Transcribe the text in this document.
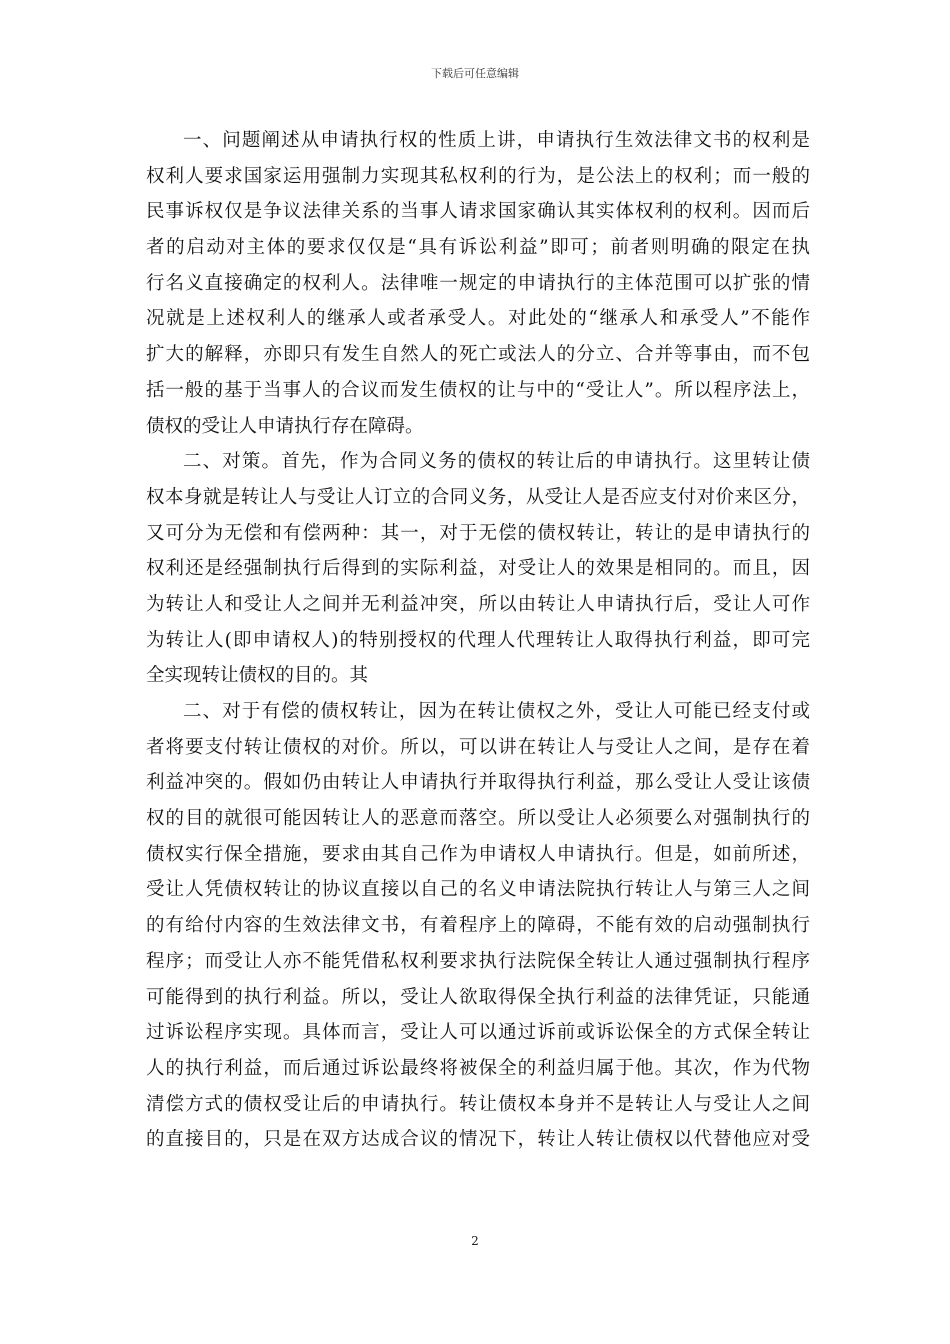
下载后可任意编辑
一、问题阐述从申请执行权的性质上讲，申请执行生效法律文书的权利是
权利人要求国家运用强制力实现其私权利的行为，是公法上的权利；而一般的
民事诉权仅是争议法律关系的当事人请求国家确认其实体权利的权利。因而后
者的启动对主体的要求仅仅是“具有诉讼利益”即可；前者则明确的限定在执
行名义直接确定的权利人。法律唯一规定的申请执行的主体范围可以扩张的情
况就是上述权利人的继承人或者承受人。对此处的“继承人和承受人”不能作
扩大的解释，亦即只有发生自然人的死亡或法人的分立、合并等事由，而不包
括一般的基于当事人的合议而发生债权的让与中的“受让人”。所以程序法上，
债权的受让人申请执行存在障碍。
二、对策。首先，作为合同义务的债权的转让后的申请执行。这里转让债
权本身就是转让人与受让人订立的合同义务，从受让人是否应支付对价来区分，
又可分为无偿和有偿两种：其一，对于无偿的债权转让，转让的是申请执行的
权利还是经强制执行后得到的实际利益，对受让人的效果是相同的。而且，因
为转让人和受让人之间并无利益冲突，所以由转让人申请执行后，受让人可作
为转让人(即申请权人)的特别授权的代理人代理转让人取得执行利益，即可完
全实现转让债权的目的。其
二、对于有偿的债权转让，因为在转让债权之外，受让人可能已经支付或
者将要支付转让债权的对价。所以，可以讲在转让人与受让人之间，是存在着
利益冲突的。假如仍由转让人申请执行并取得执行利益，那么受让人受让该债
权的目的就很可能因转让人的恶意而落空。所以受让人必须要么对强制执行的
债权实行保全措施，要求由其自己作为申请权人申请执行。但是，如前所述，
受让人凭债权转让的协议直接以自己的名义申请法院执行转让人与第三人之间
的有给付内容的生效法律文书，有着程序上的障碍，不能有效的启动强制执行
程序；而受让人亦不能凭借私权利要求执行法院保全转让人通过强制执行程序
可能得到的执行利益。所以，受让人欲取得保全执行利益的法律凭证，只能通
过诉讼程序实现。具体而言，受让人可以通过诉前或诉讼保全的方式保全转让
人的执行利益，而后通过诉讼最终将被保全的利益归属于他。其次，作为代物
清偿方式的债权受让后的申请执行。转让债权本身并不是转让人与受让人之间
的直接目的，只是在双方达成合议的情况下，转让人转让债权以代替他应对受
2
